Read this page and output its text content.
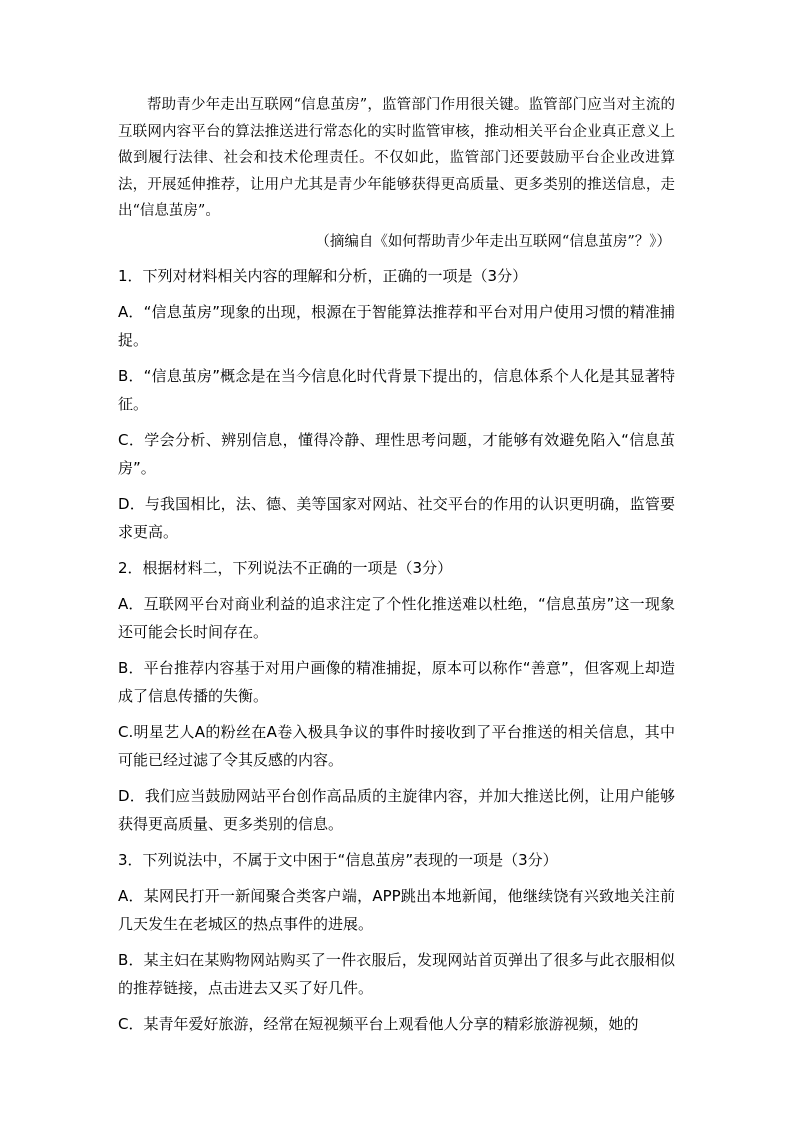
帮助青少年走出互联网“信息茧房”，监管部门作用很关键。监管部门应当对主流的互联网内容平台的算法推送进行常态化的实时监管审核，推动相关平台企业真正意义上做到履行法律、社会和技术伦理责任。不仅如此，监管部门还要鼓励平台企业改进算法，开展延伸推荐，让用户尤其是青少年能够获得更高质量、更多类别的推送信息，走出“信息茧房”。

（摘编自《如何帮助青少年走出互联网“信息茧房”？》）

1．下列对材料相关内容的理解和分析，正确的一项是（3分）

A．“信息茧房”现象的出现，根源在于智能算法推荐和平台对用户使用习惯的精准捕捉。

B．“信息茧房”概念是在当今信息化时代背景下提出的，信息体系个人化是其显著特征。

C．学会分析、辨别信息，懂得冷静、理性思考问题，才能够有效避免陷入“信息茧房”。

D．与我国相比，法、德、美等国家对网站、社交平台的作用的认识更明确，监管要求更高。

2．根据材料二，下列说法不正确的一项是（3分）

A．互联网平台对商业利益的追求注定了个性化推送难以杜绝，“信息茧房”这一现象还可能会长时间存在。

B．平台推荐内容基于对用户画像的精准捕捉，原本可以称作“善意”，但客观上却造成了信息传播的失衡。

C.明星艺人A的粉丝在A卷入极具争议的事件时接收到了平台推送的相关信息，其中可能已经过滤了令其反感的内容。

D．我们应当鼓励网站平台创作高品质的主旋律内容，并加大推送比例，让用户能够获得更高质量、更多类别的信息。

3．下列说法中，不属于文中困于“信息茧房”表现的一项是（3分）

A．某网民打开一新闻聚合类客户端，APP跳出本地新闻，他继续饶有兴致地关注前几天发生在老城区的热点事件的进展。

B．某主妇在某购物网站购买了一件衣服后，发现网站首页弹出了很多与此衣服相似的推荐链接，点击进去又买了好几件。

C．某青年爱好旅游，经常在短视频平台上观看他人分享的精彩旅游视频，她的
